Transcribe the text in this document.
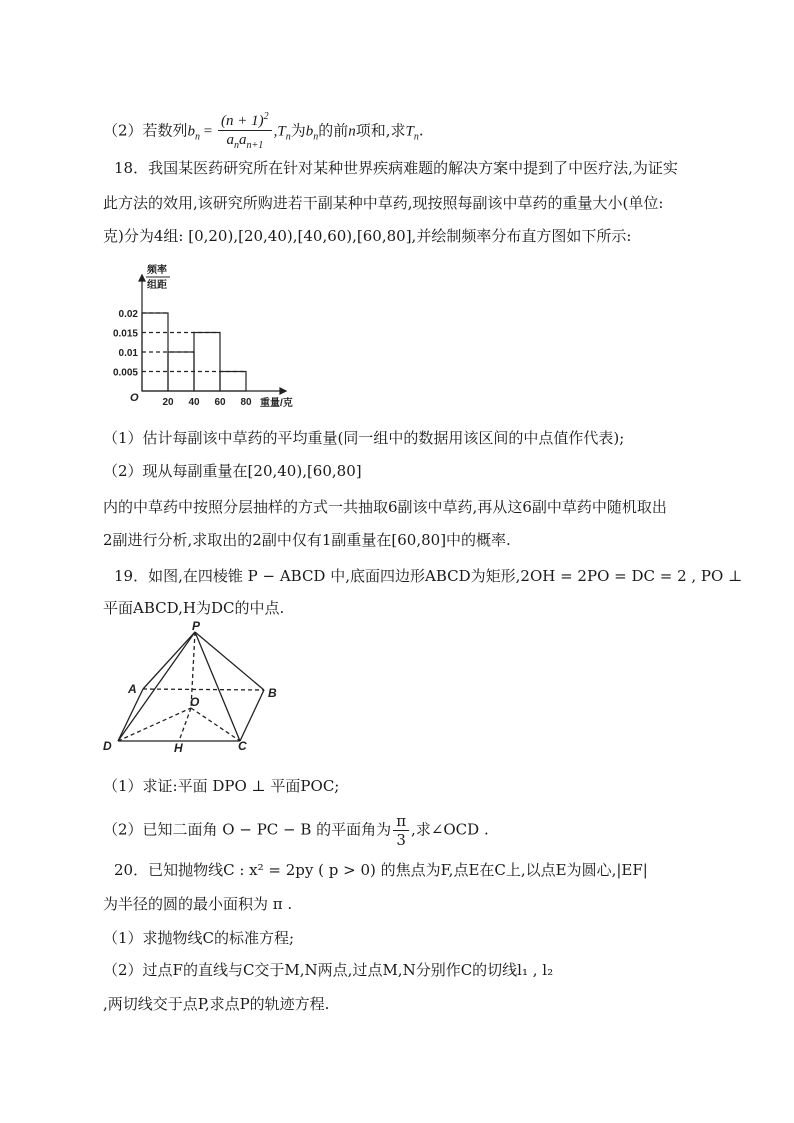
（2）若数列$b_n = \frac{(n + 1)^2}{a_na_{n+1}} ,T_n$为$b_n$的前n项和,求$T_n$.
18．我国某医药研究所在针对某种世界疾病难题的解决方案中提到了中医疗法,为证实
此方法的效用,该研究所购进若干副某种中草药,现按照每副该中草药的重量大小(单位:
克)分为4组: [0,20),[20,40),[40,60),[60,80],并绘制频率分布直方图如下所示:
0.02
0.015
0.01
0.005
20 40 60 80
O
频率
组距
重量/克
（1）估计每副该中草药的平均重量(同一组中的数据用该区间的中点值作代表);
（2）现从每副重量在[20,40),[60,80]
内的中草药中按照分层抽样的方式一共抽取6副该中草药,再从这6副中草药中随机取出
2副进行分析,求取出的2副中仅有1副重量在[60,80]中的概率.
19．如图,在四棱锥 P − ABCD 中,底面四边形ABCD为矩形,2OH = 2PO = DC = 2 , PO ⊥
平面ABCD,H为DC的中点.
P
A	B
O
D	H	C
（1）求证:平面 DPO ⊥ 平面POC;
（2）已知二面角 O − PC − B 的平面角为 $\frac{\pi}{3}$ ,求∠OCD .
20．已知抛物线C : x² = 2py ( p > 0) 的焦点为F,点E在C上,以点E为圆心,|EF|
为半径的圆的最小面积为 π .
（1）求抛物线C的标准方程;
（2）过点F的直线与C交于M,N两点,过点M,N分别作C的切线l₁ , l₂
,两切线交于点P,求点P的轨迹方程.
